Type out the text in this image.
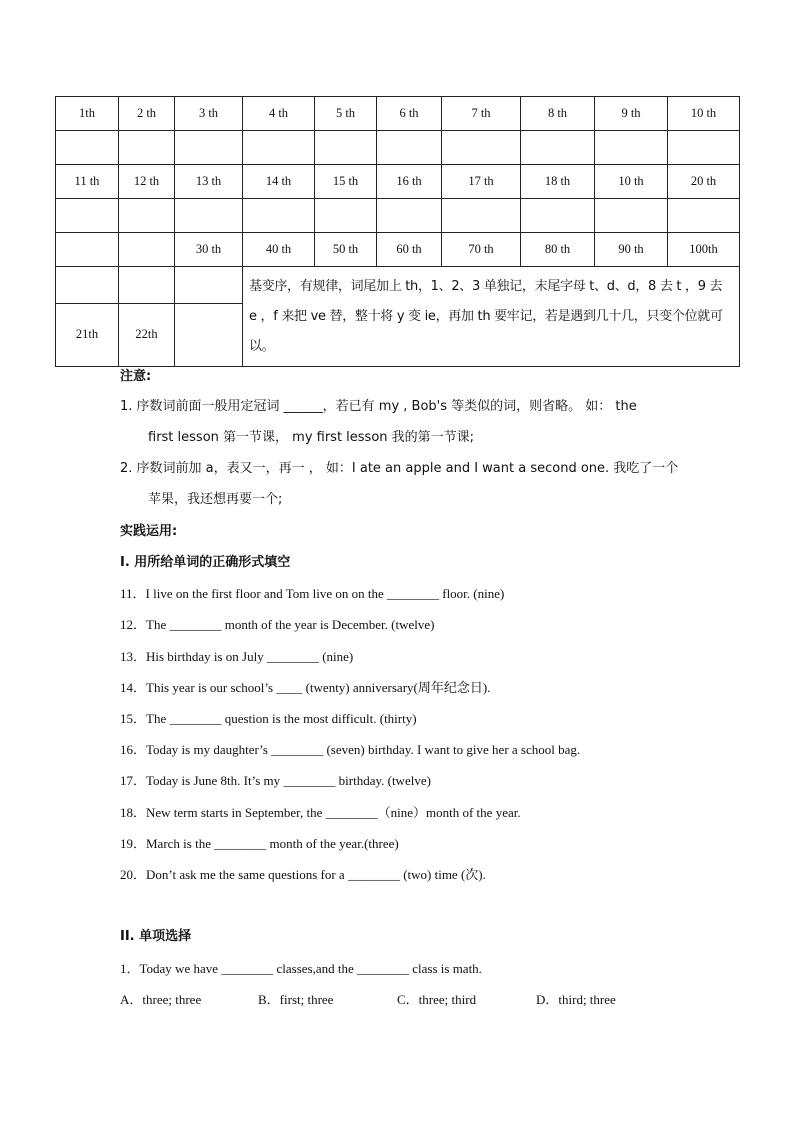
1th	2 th	3 th	4 th	5 th	6 th	7 th	8 th	9 th	10 th

11 th	12 th	13 th	14 th	15 th	16 th	17 th	18 th	10 th	20 th

		30 th	40 th	50 th	60 th	70 th	80 th	90 th	100th
			基变序，有规律，词尾加上 th，1、2、3 单独记，末尾字母 t、d、d，8 去 t ，9 去 e ，f 来把 ve 替，整十将 y 变 ie，再加 th 要牢记，若是遇到几十几，只变个位就可以。						
21th	22th								
注意:
1. 序数词前面一般用定冠词 ______，若已有 my , Bob's 等类似的词，则省略。 如： the
first lesson 第一节课， my first lesson 我的第一节课;
2. 序数词前加 a，表又一，再一 ， 如：I ate an apple and I want a second one. 我吃了一个
苹果，我还想再要一个;
实践运用:
I. 用所给单词的正确形式填空
11．I live on the first floor and Tom live on on the ________ floor. (nine)
12．The ________ month of the year is December. (twelve)
13．His birthday is on July ________ (nine)
14．This year is our school’s ____ (twenty) anniversary(周年纪念日).
15．The ________ question is the most difficult. (thirty)
16．Today is my daughter’s ________ (seven) birthday. I want to give her a school bag.
17．Today is June 8th. It’s my ________ birthday. (twelve)
18．New term starts in September, the ________（nine）month of the year.
19．March is the ________ month of the year.(three)
20．Don’t ask me the same questions for a ________ (two) time (次).
II. 单项选择
1．Today we have ________ classes,and the ________ class is math.
A．three; three	B．first; three	C．three; third	D．third; three
